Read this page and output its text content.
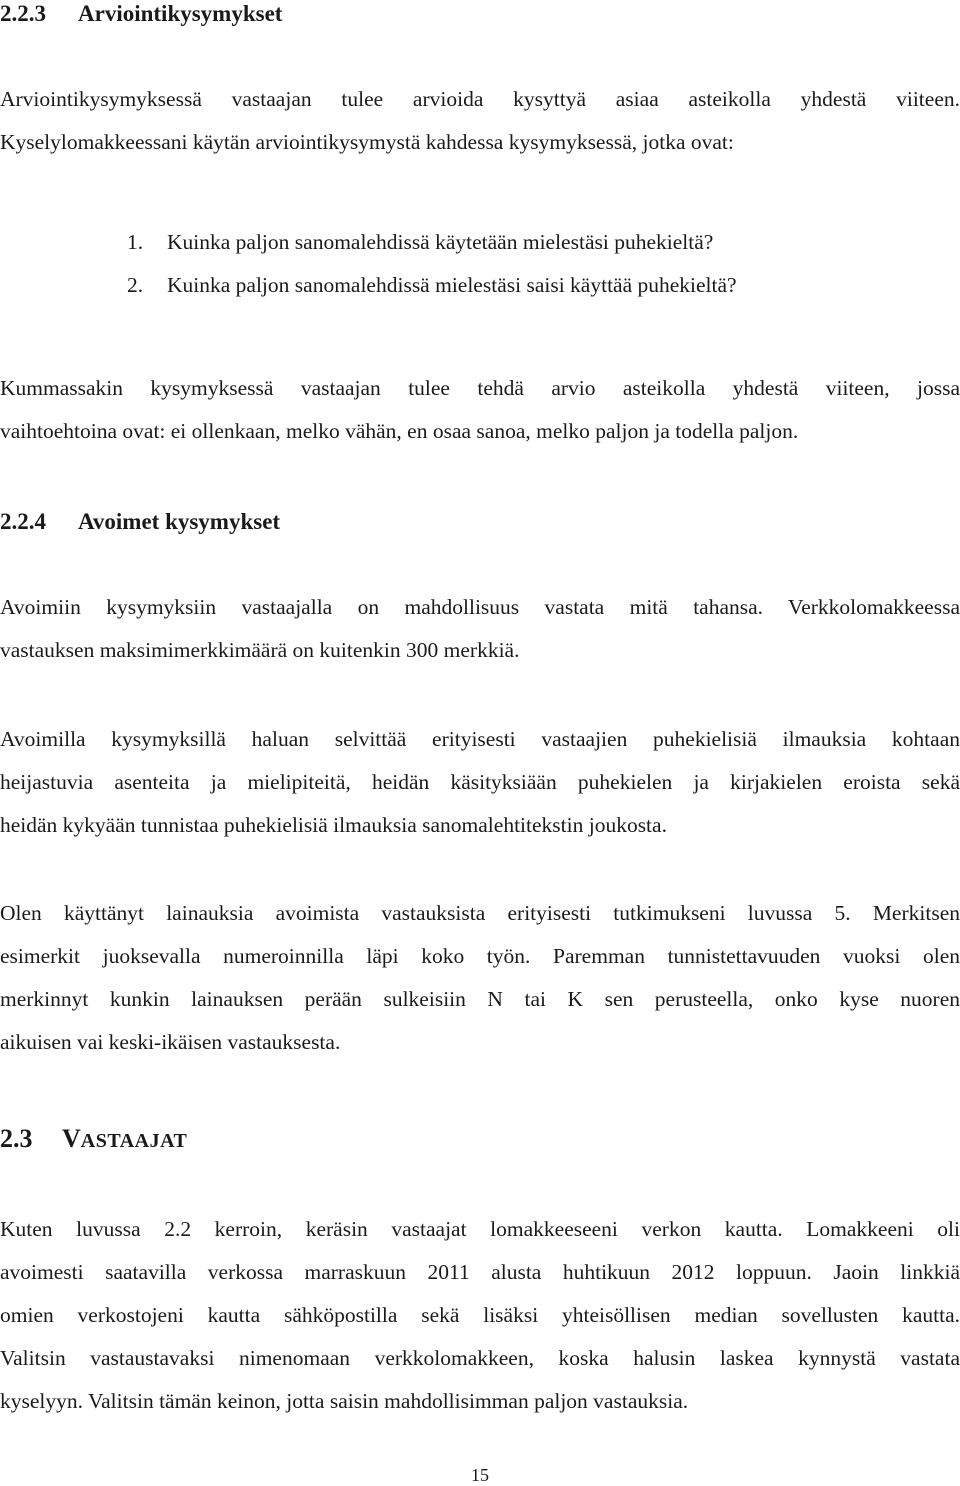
2.2.3 Arviointikysymykset
Arviointikysymyksessä vastaajan tulee arvioida kysyttyä asiaa asteikolla yhdestä viiteen.
Kyselylomakkeessani käytän arviointikysymystä kahdessa kysymyksessä, jotka ovat:
1. Kuinka paljon sanomalehdissä käytetään mielestäsi puhekieltä?
2. Kuinka paljon sanomalehdissä mielestäsi saisi käyttää puhekieltä?
Kummassakin kysymyksessä vastaajan tulee tehdä arvio asteikolla yhdestä viiteen, jossa
vaihtoehtoina ovat: ei ollenkaan, melko vähän, en osaa sanoa, melko paljon ja todella paljon.
2.2.4 Avoimet kysymykset
Avoimiin kysymyksiin vastaajalla on mahdollisuus vastata mitä tahansa. Verkkolomakkeessa
vastauksen maksimimerkkimäärä on kuitenkin 300 merkkiä.
Avoimilla kysymyksillä haluan selvittää erityisesti vastaajien puhekielisiä ilmauksia kohtaan
heijastuvia asenteita ja mielipiteitä, heidän käsityksiään puhekielen ja kirjakielen eroista sekä
heidän kykyään tunnistaa puhekielisiä ilmauksia sanomalehtitekstin joukosta.
Olen käyttänyt lainauksia avoimista vastauksista erityisesti tutkimukseni luvussa 5. Merkitsen
esimerkit juoksevalla numeroinnilla läpi koko työn. Paremman tunnistettavuuden vuoksi olen
merkinnyt kunkin lainauksen perään sulkeisiin N tai K sen perusteella, onko kyse nuoren
aikuisen vai keski-ikäisen vastauksesta.
2.3 VASTAAJAT
Kuten luvussa 2.2 kerroin, keräsin vastaajat lomakkeeseeni verkon kautta. Lomakkeeni oli
avoimesti saatavilla verkossa marraskuun 2011 alusta huhtikuun 2012 loppuun. Jaoin linkkiä
omien verkostojeni kautta sähköpostilla sekä lisäksi yhteisöllisen median sovellusten kautta.
Valitsin vastaustavaksi nimenomaan verkkolomakkeen, koska halusin laskea kynnystä vastata
kyselyyn. Valitsin tämän keinon, jotta saisin mahdollisimman paljon vastauksia.
15
